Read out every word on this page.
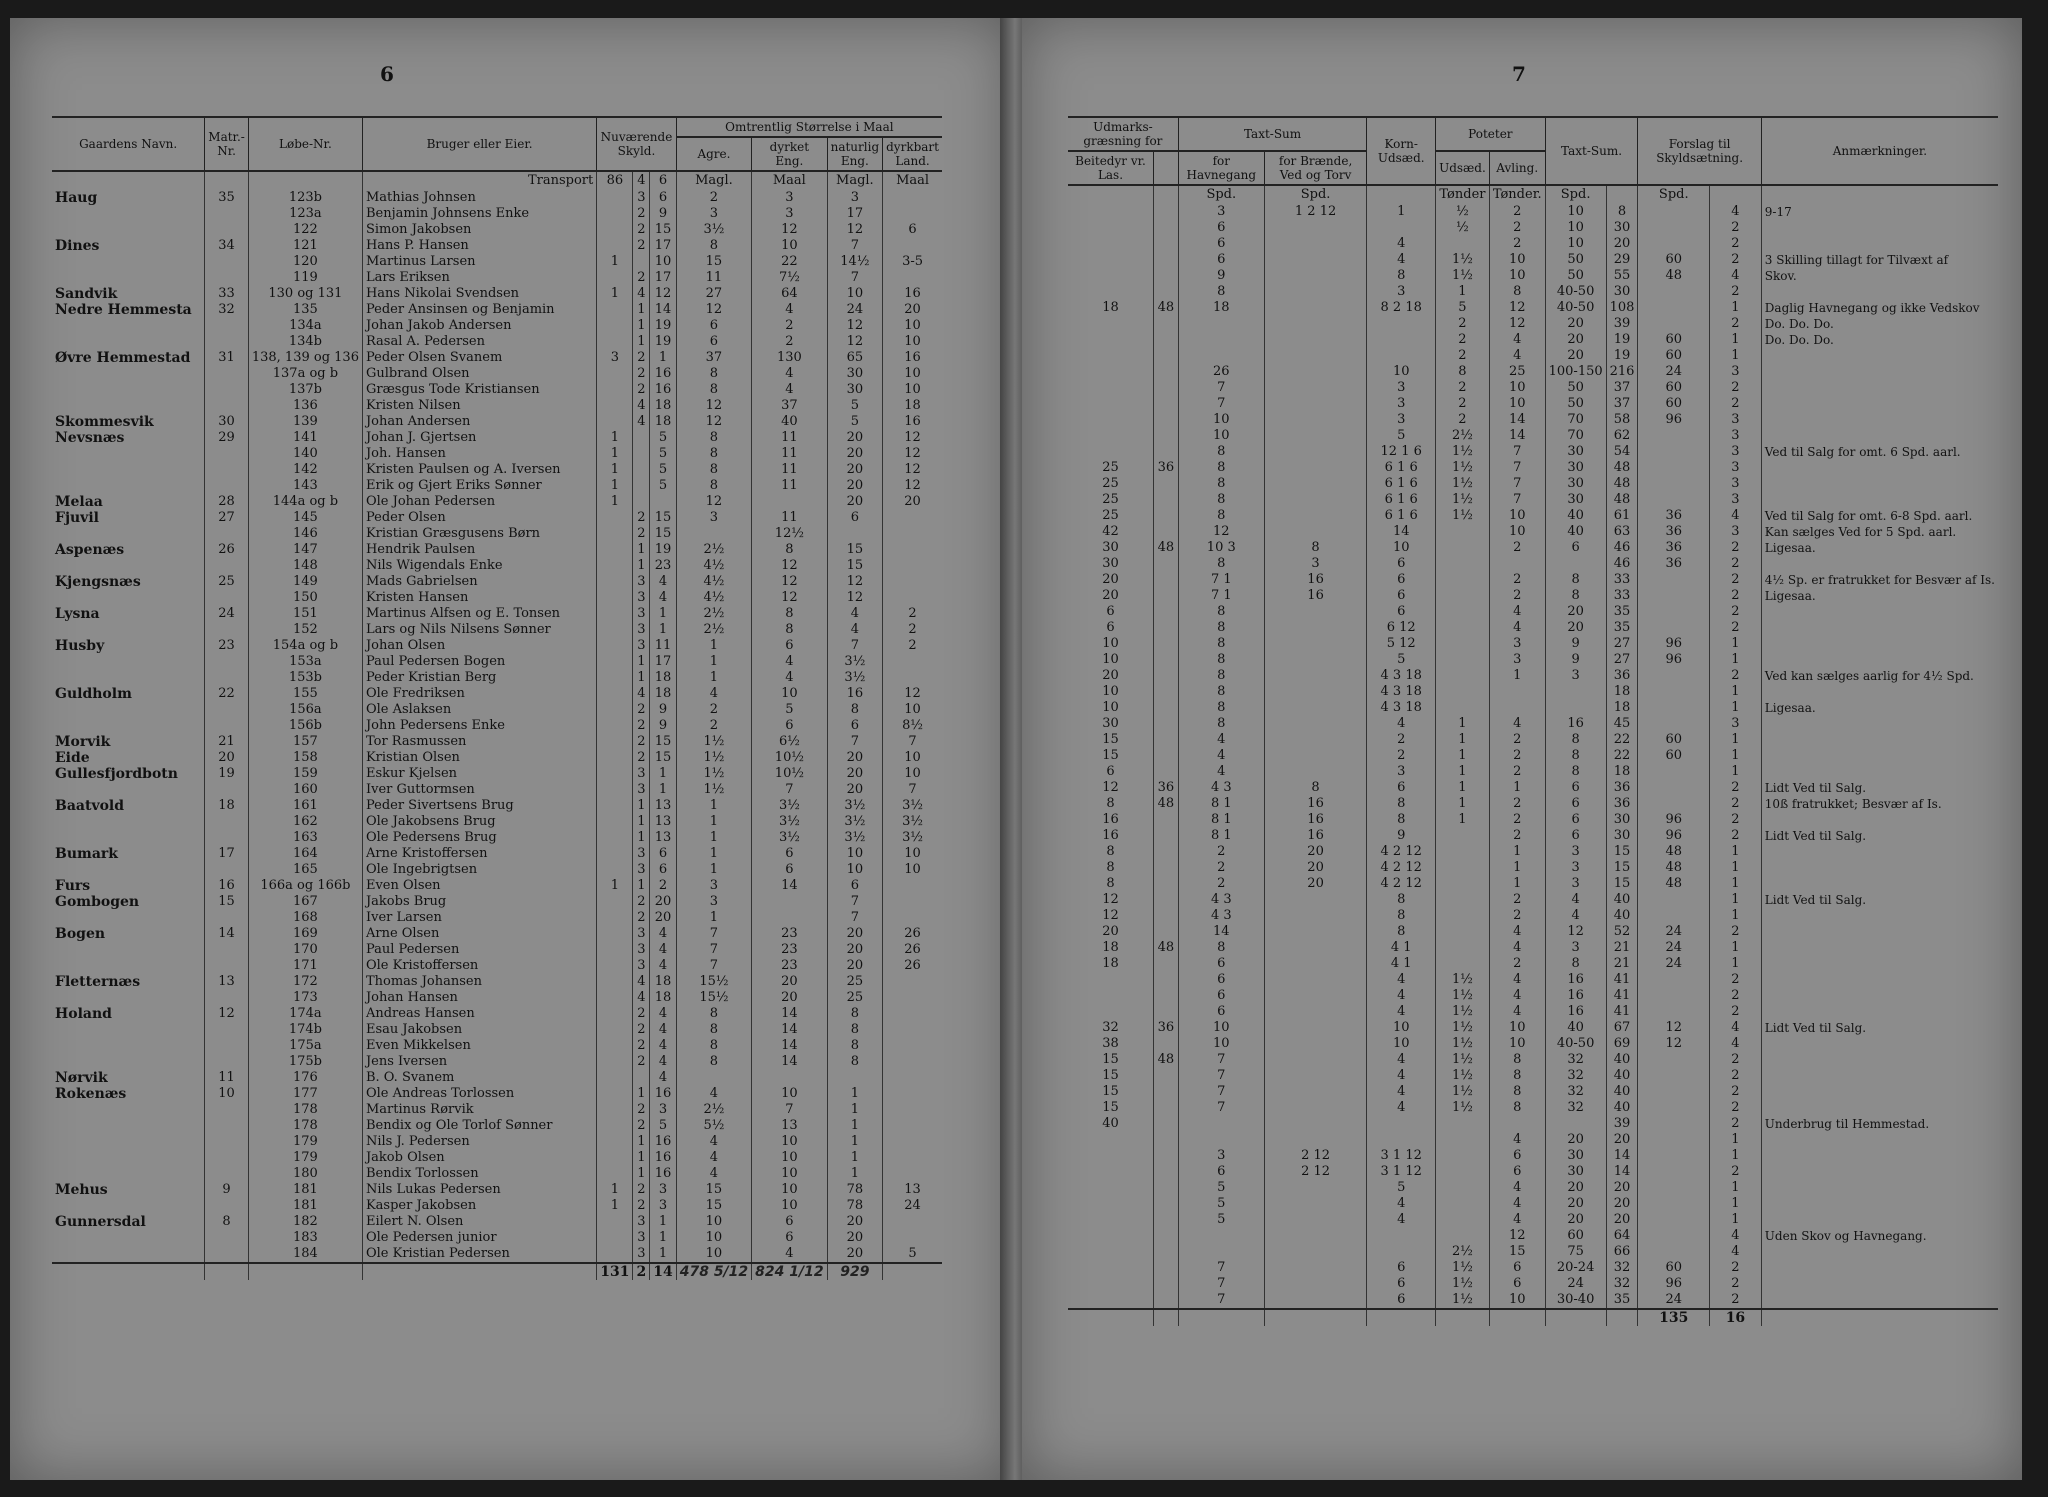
6
Gaardens Navn.	Matr.-Nr.	Løbe-Nr.	Bruger eller Eier.	Nuværende Skyld.			Omtrentlig Størrelse i Maal			
							Agre.	dyrket Eng.	naturlig Eng.	dyrkbart Land.
			Transport	86	4	6	Magl.	Maal	Magl.	Maal
Haug	35	123b	Mathias Johnsen		3	6	2	3	3	
		123a	Benjamin Johnsens Enke		2	9	3	3	17	
		122	Simon Jakobsen		2	15	3½	12	12	6
Dines	34	121	Hans P. Hansen		2	17	8	10	7	
		120	Martinus Larsen	1		10	15	22	14½	3-5
		119	Lars Eriksen		2	17	11	7½	7	
Sandvik	33	130 og 131	Hans Nikolai Svendsen	1	4	12	27	64	10	16
Nedre Hemmesta	32	135	Peder Ansinsen og Benjamin		1	14	12	4	24	20
		134a	Johan Jakob Andersen		1	19	6	2	12	10
		134b	Rasal A. Pedersen		1	19	6	2	12	10
Øvre Hemmestad	31	138, 139 og 136	Peder Olsen Svanem	3	2	1	37	130	65	16
		137a og b	Gulbrand Olsen		2	16	8	4	30	10
		137b	Græsgus Tode Kristiansen		2	16	8	4	30	10
		136	Kristen Nilsen		4	18	12	37	5	18
Skommesvik	30	139	Johan Andersen		4	18	12	40	5	16
Nevsnæs	29	141	Johan J. Gjertsen	1		5	8	11	20	12
		140	Joh. Hansen	1		5	8	11	20	12
		142	Kristen Paulsen og A. Iversen	1		5	8	11	20	12
		143	Erik og Gjert Eriks Sønner	1		5	8	11	20	12
Melaa	28	144a og b	Ole Johan Pedersen	1			12		20	20
Fjuvil	27	145	Peder Olsen		2	15	3	11	6	
		146	Kristian Græsgusens Børn		2	15		12½		
Aspenæs	26	147	Hendrik Paulsen		1	19	2½	8	15	
		148	Nils Wigendals Enke		1	23	4½	12	15	
Kjengsnæs	25	149	Mads Gabrielsen		3	4	4½	12	12	
		150	Kristen Hansen		3	4	4½	12	12	
Lysna	24	151	Martinus Alfsen og E. Tonsen		3	1	2½	8	4	2
		152	Lars og Nils Nilsens Sønner		3	1	2½	8	4	2
Husby	23	154a og b	Johan Olsen		3	11	1	6	7	2
		153a	Paul Pedersen Bogen		1	17	1	4	3½	
		153b	Peder Kristian Berg		1	18	1	4	3½	
Guldholm	22	155	Ole Fredriksen		4	18	4	10	16	12
		156a	Ole Aslaksen		2	9	2	5	8	10
		156b	John Pedersens Enke		2	9	2	6	6	8½
Morvik	21	157	Tor Rasmussen		2	15	1½	6½	7	7
Eide	20	158	Kristian Olsen		2	15	1½	10½	20	10
Gullesfjordbotn	19	159	Eskur Kjelsen		3	1	1½	10½	20	10
		160	Iver Guttormsen		3	1	1½	7	20	7
Baatvold	18	161	Peder Sivertsens Brug		1	13	1	3½	3½	3½
		162	Ole Jakobsens Brug		1	13	1	3½	3½	3½
		163	Ole Pedersens Brug		1	13	1	3½	3½	3½
Bumark	17	164	Arne Kristoffersen		3	6	1	6	10	10
		165	Ole Ingebrigtsen		3	6	1	6	10	10
Furs	16	166a og 166b	Even Olsen	1	1	2	3	14	6	
Gombogen	15	167	Jakobs Brug		2	20	3		7	
		168	Iver Larsen		2	20	1		7	
Bogen	14	169	Arne Olsen		3	4	7	23	20	26
		170	Paul Pedersen		3	4	7	23	20	26
		171	Ole Kristoffersen		3	4	7	23	20	26
Fletternæs	13	172	Thomas Johansen		4	18	15½	20	25	
		173	Johan Hansen		4	18	15½	20	25	
Holand	12	174a	Andreas Hansen		2	4	8	14	8	
		174b	Esau Jakobsen		2	4	8	14	8	
		175a	Even Mikkelsen		2	4	8	14	8	
		175b	Jens Iversen		2	4	8	14	8	
Nørvik	11	176	B. O. Svanem			4				
Rokenæs	10	177	Ole Andreas Torlossen		1	16	4	10	1	
		178	Martinus Rørvik		2	3	2½	7	1	
		178	Bendix og Ole Torlof Sønner		2	5	5½	13	1	
		179	Nils J. Pedersen		1	16	4	10	1	
		179	Jakob Olsen		1	16	4	10	1	
		180	Bendix Torlossen		1	16	4	10	1	
Mehus	9	181	Nils Lukas Pedersen	1	2	3	15	10	78	13
		181	Kasper Jakobsen	1	2	3	15	10	78	24
Gunnersdal	8	182	Eilert N. Olsen		3	1	10	6	20	
		183	Ole Pedersen junior		3	1	10	6	20	
		184	Ole Kristian Pedersen		3	1	10	4	20	5
				131	2	14	478 5/12	824 1/12	929	
7
Udmarks-græsning for		Taxt-Sum		Korn-Udsæd.	Poteter		Taxt-Sum.		Forslag til Skyldsætning.		Anmærkninger.
Beitedyr vr. Las.		for Havnegang	for Brænde, Ved og Torv		Udsæd.	Avling.					
		Spd.	Spd.		Tønder	Tønder.	Spd.		Spd.		
		3	1 2 12	1	½	2	10	8		4	9-17
		6			½	2	10	30		2	
		6		4		2	10	20		2	
		6		4	1½	10	50	29	60	2	3 Skilling tillagt for Tilvæxt af
		9		8	1½	10	50	55	48	4	Skov.
		8		3	1	8	40-50	30		2	
18	48	18		8 2 18	5	12	40-50	108		1	Daglig Havnegang og ikke Vedskov
					2	12	20	39		2	Do. Do. Do.
					2	4	20	19	60	1	Do. Do. Do.
					2	4	20	19	60	1	
		26		10	8	25	100-150	216	24	3	
		7		3	2	10	50	37	60	2	
		7		3	2	10	50	37	60	2	
		10		3	2	14	70	58	96	3	
		10		5	2½	14	70	62		3	
		8		12 1 6	1½	7	30	54		3	Ved til Salg for omt. 6 Spd. aarl.
25	36	8		6 1 6	1½	7	30	48		3	
25		8		6 1 6	1½	7	30	48		3	
25		8		6 1 6	1½	7	30	48		3	
25		8		6 1 6	1½	10	40	61	36	4	Ved til Salg for omt. 6-8 Spd. aarl.
42		12		14		10	40	63	36	3	Kan sælges Ved for 5 Spd. aarl.
30	48	10 3	8	10		2	6	46	36	2	Ligesaa.
30		8	3	6				46	36	2	
20		7 1	16	6		2	8	33		2	4½ Sp. er fratrukket for Besvær af Is.
20		7 1	16	6		2	8	33		2	Ligesaa.
6		8		6		4	20	35		2	
6		8		6 12		4	20	35		2	
10		8		5 12		3	9	27	96	1	
10		8		5		3	9	27	96	1	
20		8		4 3 18		1	3	36		2	Ved kan sælges aarlig for 4½ Spd.
10		8		4 3 18				18		1	
10		8		4 3 18				18		1	Ligesaa.
30		8		4	1	4	16	45		3	
15		4		2	1	2	8	22	60	1	
15		4		2	1	2	8	22	60	1	
6		4		3	1	2	8	18		1	
12	36	4 3	8	6	1	1	6	36		2	Lidt Ved til Salg.
8	48	8 1	16	8	1	2	6	36		2	10ß fratrukket; Besvær af Is.
16		8 1	16	8	1	2	6	30	96	2	
16		8 1	16	9		2	6	30	96	2	Lidt Ved til Salg.
8		2	20	4 2 12		1	3	15	48	1	
8		2	20	4 2 12		1	3	15	48	1	
8		2	20	4 2 12		1	3	15	48	1	
12		4 3		8		2	4	40		1	Lidt Ved til Salg.
12		4 3		8		2	4	40		1	
20		14		8		4	12	52	24	2	
18	48	8		4 1		4	3	21	24	1	
18		6		4 1		2	8	21	24	1	
		6		4	1½	4	16	41		2	
		6		4	1½	4	16	41		2	
		6		4	1½	4	16	41		2	
32	36	10		10	1½	10	40	67	12	4	Lidt Ved til Salg.
38		10		10	1½	10	40-50	69	12	4	
15	48	7		4	1½	8	32	40		2	
15		7		4	1½	8	32	40		2	
15		7		4	1½	8	32	40		2	
15		7		4	1½	8	32	40		2	
40								39		2	Underbrug til Hemmestad.
						4	20	20		1	
		3	2 12	3 1 12		6	30	14		1	
		6	2 12	3 1 12		6	30	14		2	
		5		5		4	20	20		1	
		5		4		4	20	20		1	
		5		4		4	20	20		1	
						12	60	64		4	Uden Skov og Havnegang.
					2½	15	75	66		4	
		7		6	1½	6	20-24	32	60	2	
		7		6	1½	6	24	32	96	2	
		7		6	1½	10	30-40	35	24	2	
									135	16	
